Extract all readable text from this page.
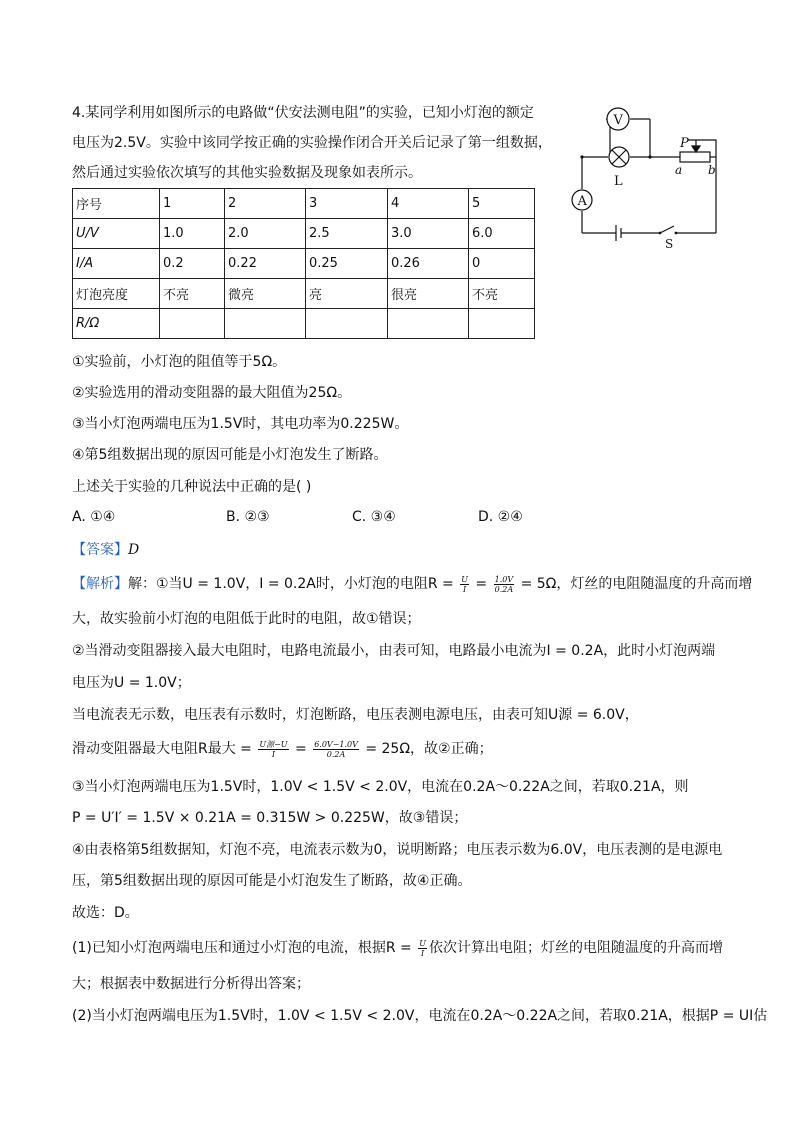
4.某同学利用如图所示的电路做“伏安法测电阻”的实验，已知小灯泡的额定
电压为2.5V。实验中该同学按正确的实验操作闭合开关后记录了第一组数据，
然后通过实验依次填写的其他实验数据及现象如表所示。
V
A
L
P
a b
S
序号	1	2	3	4	5
U/V	1.0	2.0	2.5	3.0	6.0
I/A	0.2	0.22	0.25	0.26	0
灯泡亮度	不亮	微亮	亮	很亮	不亮
R/Ω					
①实验前，小灯泡的阻值等于5Ω。
②实验选用的滑动变阻器的最大阻值为25Ω。
③当小灯泡两端电压为1.5V时，其电功率为0.225W。
④第5组数据出现的原因可能是小灯泡发生了断路。
上述关于实验的几种说法中正确的是( )
A. ①④	B. ②③	C. ③④	D. ②④
【答案】D
【解析】解：①当U = 1.0V，I = 0.2A时，小灯泡的电阻$R = \frac{U}{I} = \frac{1.0V}{0.2A} = 5\Omega$，灯丝的电阻随温度的升高而增
大，故实验前小灯泡的电阻低于此时的电阻，故①错误；
②当滑动变阻器接入最大电阻时，电路电流最小，由表可知，电路最小电流为I = 0.2A，此时小灯泡两端
电压为U = 1.0V；
当电流表无示数，电压表有示数时，灯泡断路，电压表测电源电压，由表可知U源 = 6.0V，
滑动变阻器最大电阻R最大 = $\frac{\text{U源−U}}{I} = \frac{6.0V-1.0V}{0.2A} = 25\Omega$，故②正确；
③当小灯泡两端电压为1.5V时，1.0V < 1.5V < 2.0V，电流在0.2A～0.22A之间，若取0.21A，则
P = U′I′ = 1.5V × 0.21A = 0.315W > 0.225W，故③错误；
④由表格第5组数据知，灯泡不亮，电流表示数为0，说明断路；电压表示数为6.0V，电压表测的是电源电
压，第5组数据出现的原因可能是小灯泡发生了断路，故④正确。
故选：D。
(1)已知小灯泡两端电压和通过小灯泡的电流，根据$R = \frac{U}{I}$ 依次计算出电阻；灯丝的电阻随温度的升高而增
大；根据表中数据进行分析得出答案；
(2)当小灯泡两端电压为1.5V时，1.0V < 1.5V < 2.0V，电流在0.2A～0.22A之间，若取0.21A，根据P = UI估
